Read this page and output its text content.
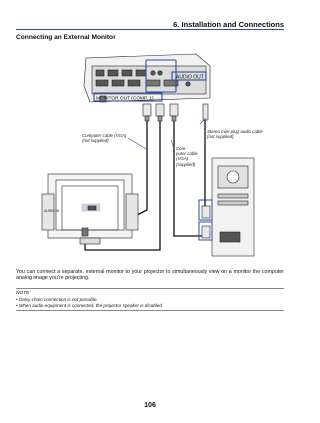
6. Installation and Connections
Connecting an External Monitor
AUDIO OUT
MONITOR OUT (COMP. 1)
AUDIO IN
Stereo mini-plug audio cable
(not supplied)
Computer cable (VGA)
(not supplied)
Com-
puter cable
(VGA)
(supplied)
You can connect a separate, external monitor to your projector to simultaneously view on a monitor the computer analog image you're projecting.
NOTE:
• Daisy chain connection is not possible.
• When audio equipment is connected, the projector speaker is disabled.
106
